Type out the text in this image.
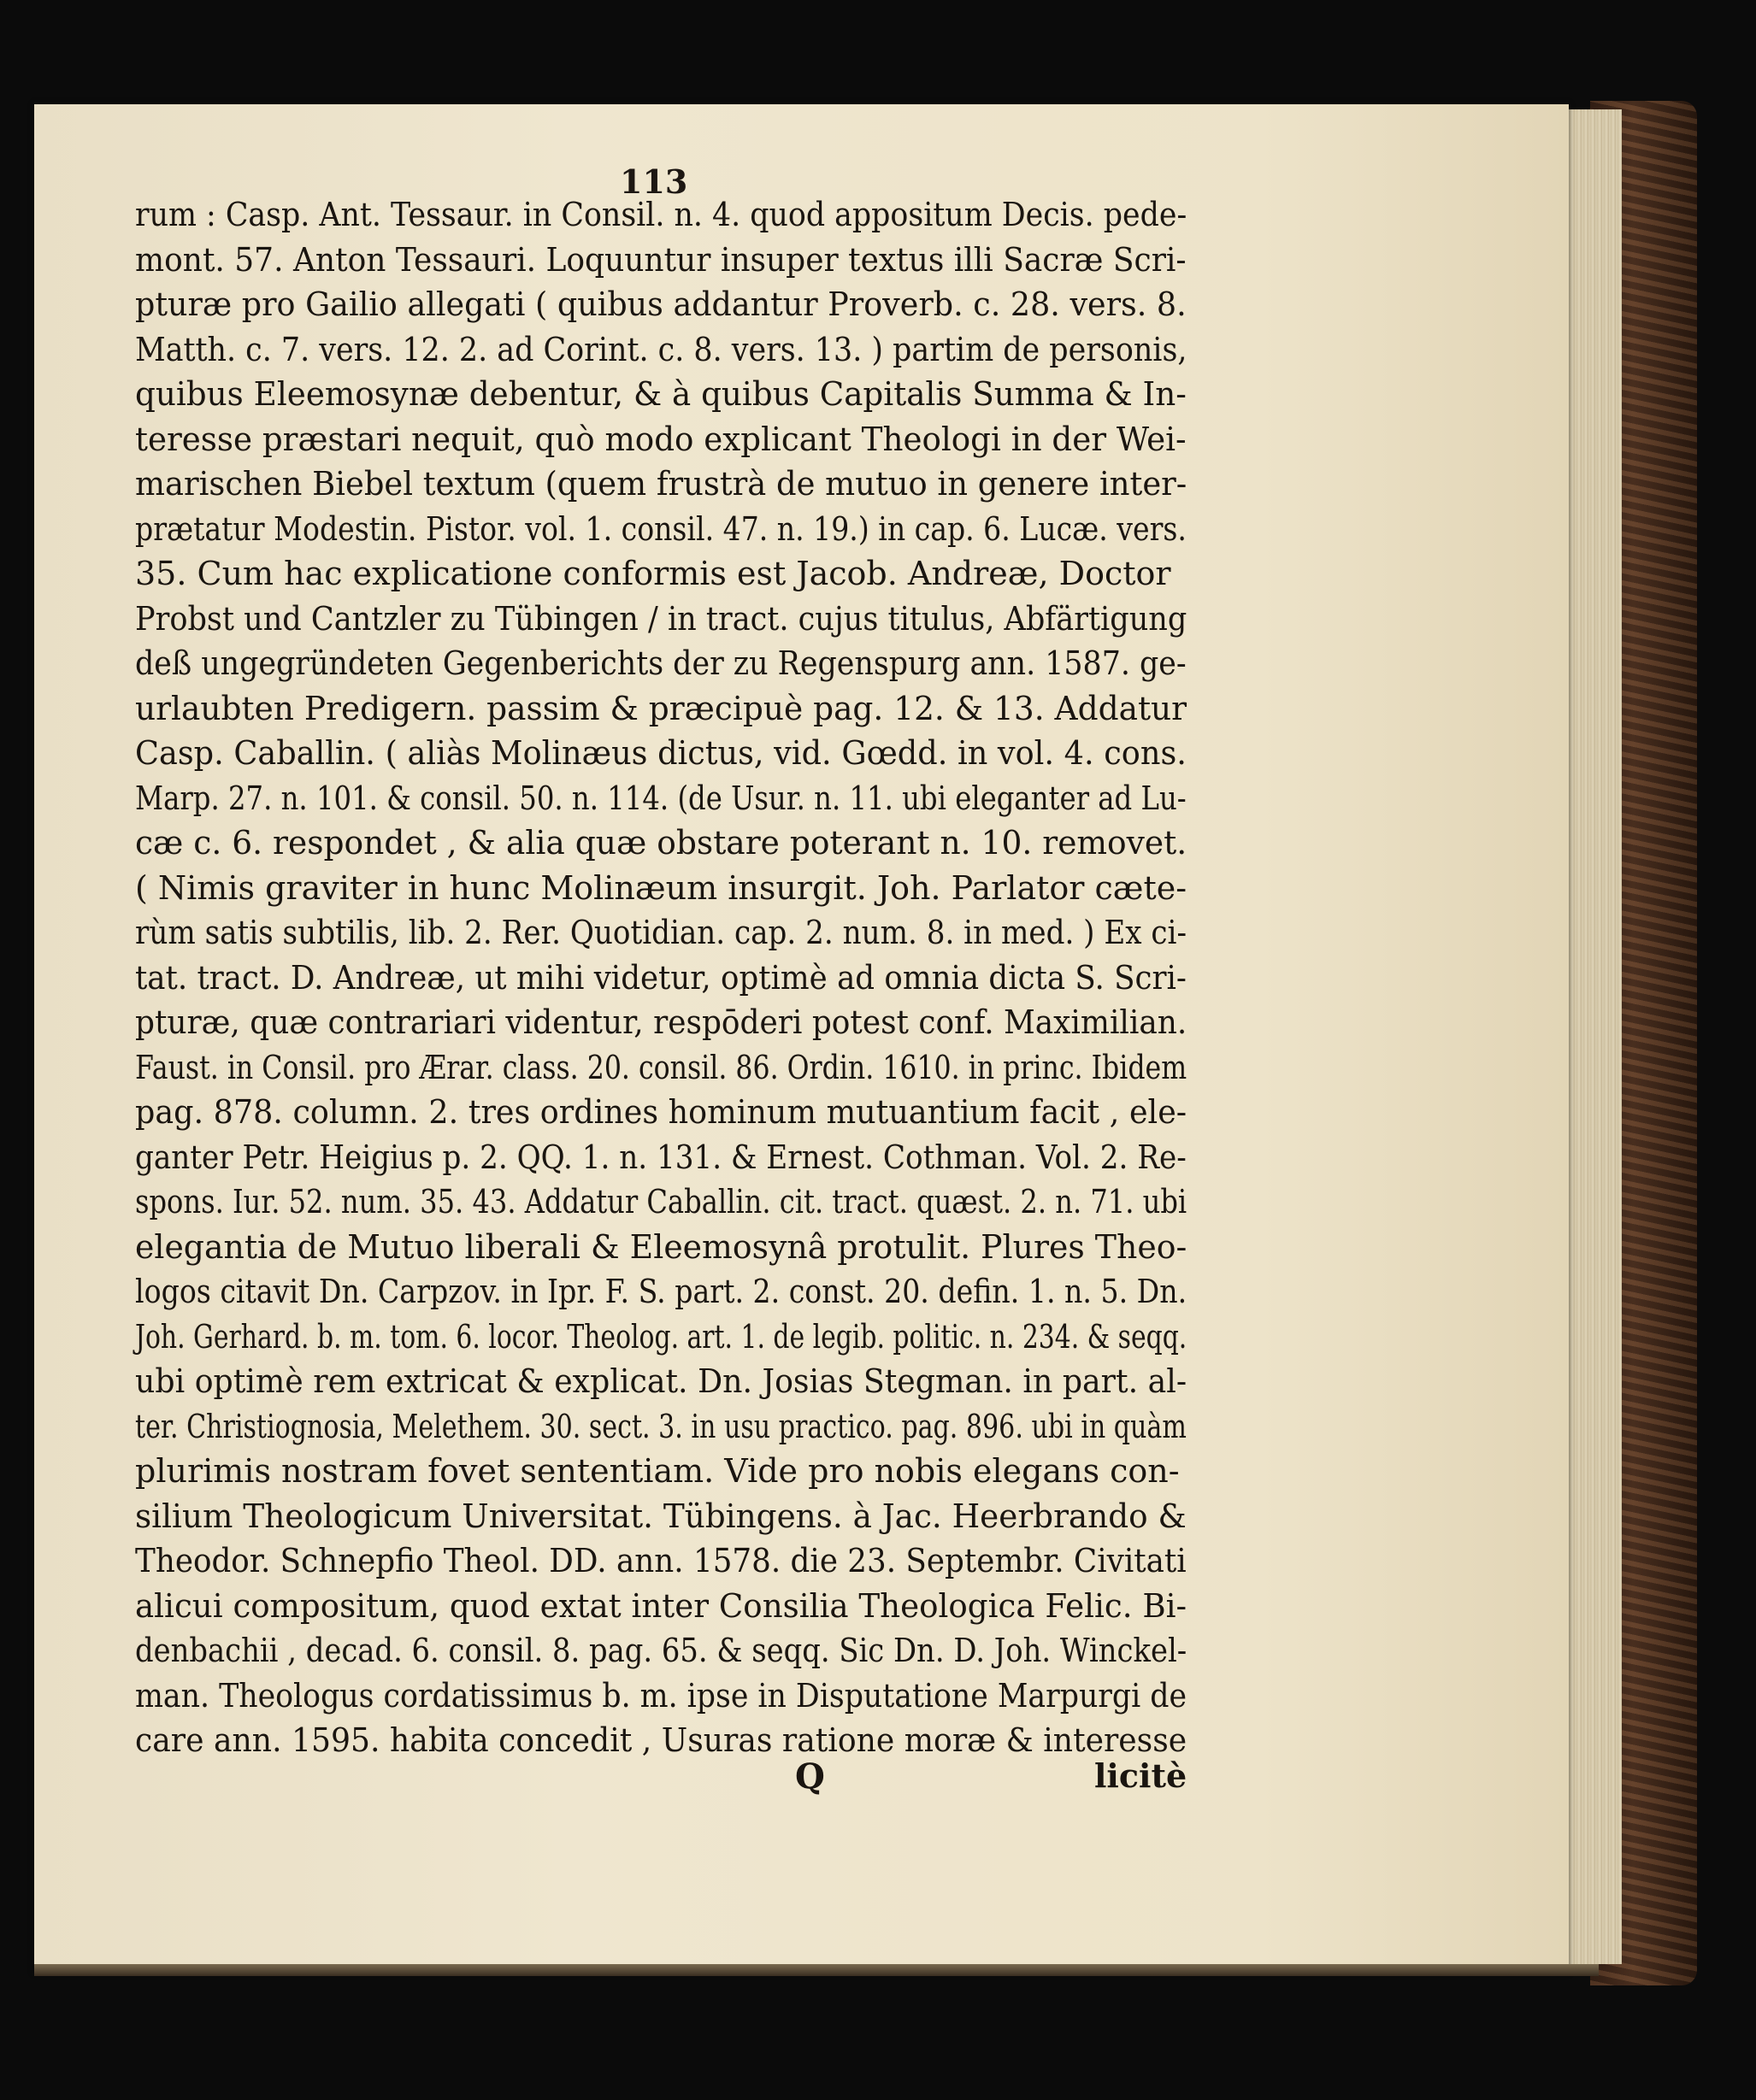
113
rum : Casp. Ant. Tessaur. in Consil. n. 4. quod appositum Decis. pede-
mont. 57. Anton Tessauri. Loquuntur insuper textus illi Sacræ Scri-
pturæ pro Gailio allegati ( quibus addantur Proverb. c. 28. vers. 8.
Matth. c. 7. vers. 12. 2. ad Corint. c. 8. vers. 13. ) partim de personis,
quibus Eleemosynæ debentur, & à quibus Capitalis Summa & In-
teresse præstari nequit, quò modo explicant Theologi in der Wei-
marischen Biebel textum (quem frustrà de mutuo in genere inter-
prætatur Modestin. Pistor. vol. 1. consil. 47. n. 19.) in cap. 6. Lucæ. vers.
35. Cum hac explicatione conformis est Jacob. Andreæ, Doctor
Probst und Cantzler zu Tübingen / in tract. cujus titulus, Abfärtigung
deß ungegründeten Gegenberichts der zu Regenspurg ann. 1587. ge-
urlaubten Predigern. passim & præcipuè pag. 12. & 13. Addatur
Casp. Caballin. ( aliàs Molinæus dictus, vid. Gœdd. in vol. 4. cons.
Marp. 27. n. 101. & consil. 50. n. 114. (de Usur. n. 11. ubi eleganter ad Lu-
cæ c. 6. respondet , & alia quæ obstare poterant n. 10. removet.
( Nimis graviter in hunc Molinæum insurgit. Joh. Parlator cæte-
rùm satis subtilis, lib. 2. Rer. Quotidian. cap. 2. num. 8. in med. ) Ex ci-
tat. tract. D. Andreæ, ut mihi videtur, optimè ad omnia dicta S. Scri-
pturæ, quæ contrariari videntur, respōderi potest conf. Maximilian.
Faust. in Consil. pro Ærar. class. 20. consil. 86. Ordin. 1610. in princ. Ibidem
pag. 878. column. 2. tres ordines hominum mutuantium facit , ele-
ganter Petr. Heigius p. 2. QQ. 1. n. 131. & Ernest. Cothman. Vol. 2. Re-
spons. Iur. 52. num. 35. 43. Addatur Caballin. cit. tract. quæst. 2. n. 71. ubi
elegantia de Mutuo liberali & Eleemosynâ protulit. Plures Theo-
logos citavit Dn. Carpzov. in Ipr. F. S. part. 2. const. 20. defin. 1. n. 5. Dn.
Joh. Gerhard. b. m. tom. 6. locor. Theolog. art. 1. de legib. politic. n. 234. & seqq.
ubi optimè rem extricat & explicat. Dn. Josias Stegman. in part. al-
ter. Christiognosia, Melethem. 30. sect. 3. in usu practico. pag. 896. ubi in quàm
plurimis nostram fovet sententiam. Vide pro nobis elegans con-
silium Theologicum Universitat. Tübingens. à Jac. Heerbrando &
Theodor. Schnepfio Theol. DD. ann. 1578. die 23. Septembr. Civitati
alicui compositum, quod extat inter Consilia Theologica Felic. Bi-
denbachii , decad. 6. consil. 8. pag. 65. & seqq. Sic Dn. D. Joh. Winckel-
man. Theologus cordatissimus b. m. ipse in Disputatione Marpurgi de
care ann. 1595. habita concedit , Usuras ratione moræ & interesse
Q	licitè
